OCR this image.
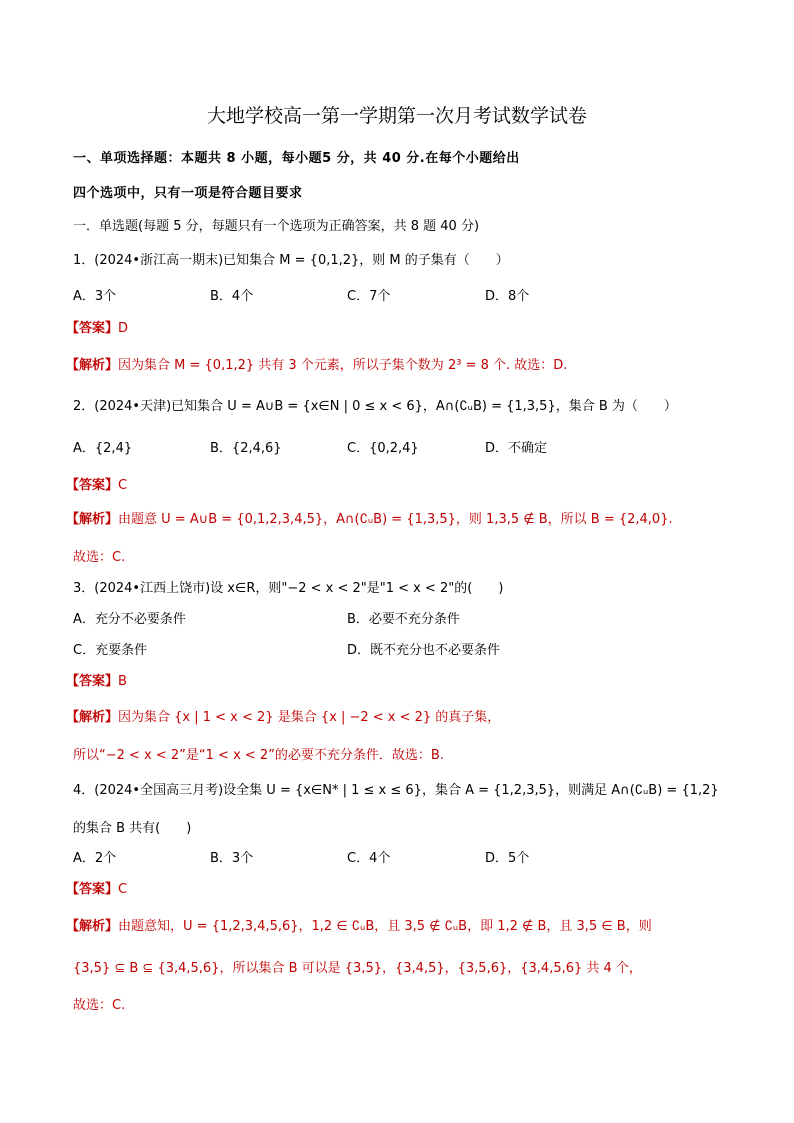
大地学校高一第一学期第一次月考试数学试卷
一、单项选择题：本题共 8 小题，每小题5 分，共 40 分.在每个小题给出
四个选项中，只有一项是符合题目要求
一．单选题(每题 5 分，每题只有一个选项为正确答案，共 8 题 40 分)
1．(2024•浙江高一期末)已知集合 M = {0,1,2}，则 M 的子集有（　　）
A．3个	B．4个	C．7个	D．8个
【答案】D
【解析】因为集合 M = {0,1,2} 共有 3 个元素，所以子集个数为 2³ = 8 个. 故选：D.
2．(2024•天津)已知集合 U = A∪B = {x∈N | 0 ≤ x < 6}，A∩(∁ᵤB) = {1,3,5}，集合 B 为（　　）
A．{2,4}	B．{2,4,6}	C．{0,2,4}	D．不确定
【答案】C
【解析】由题意 U = A∪B = {0,1,2,3,4,5}，A∩(∁ᵤB) = {1,3,5}，则 1,3,5 ∉ B，所以 B = {2,4,0}.
故选：C.
3．(2024•江西上饶市)设 x∈R，则"−2 < x < 2"是"1 < x < 2"的(　　)
A．充分不必要条件	B．必要不充分条件
C．充要条件	D．既不充分也不必要条件
【答案】B
【解析】因为集合 {x | 1 < x < 2} 是集合 {x | −2 < x < 2} 的真子集，
所以“−2 < x < 2”是“1 < x < 2”的必要不充分条件．故选：B.
4．(2024•全国高三月考)设全集 U = {x∈N* | 1 ≤ x ≤ 6}，集合 A = {1,2,3,5}，则满足 A∩(∁ᵤB) = {1,2}
的集合 B 共有(　　)
A．2个	B．3个	C．4个	D．5个
【答案】C
【解析】由题意知，U = {1,2,3,4,5,6}，1,2 ∈ ∁ᵤB，且 3,5 ∉ ∁ᵤB，即 1,2 ∉ B，且 3,5 ∈ B，则
{3,5} ⊆ B ⊆ {3,4,5,6}，所以集合 B 可以是 {3,5}，{3,4,5}，{3,5,6}，{3,4,5,6} 共 4 个，
故选：C.
